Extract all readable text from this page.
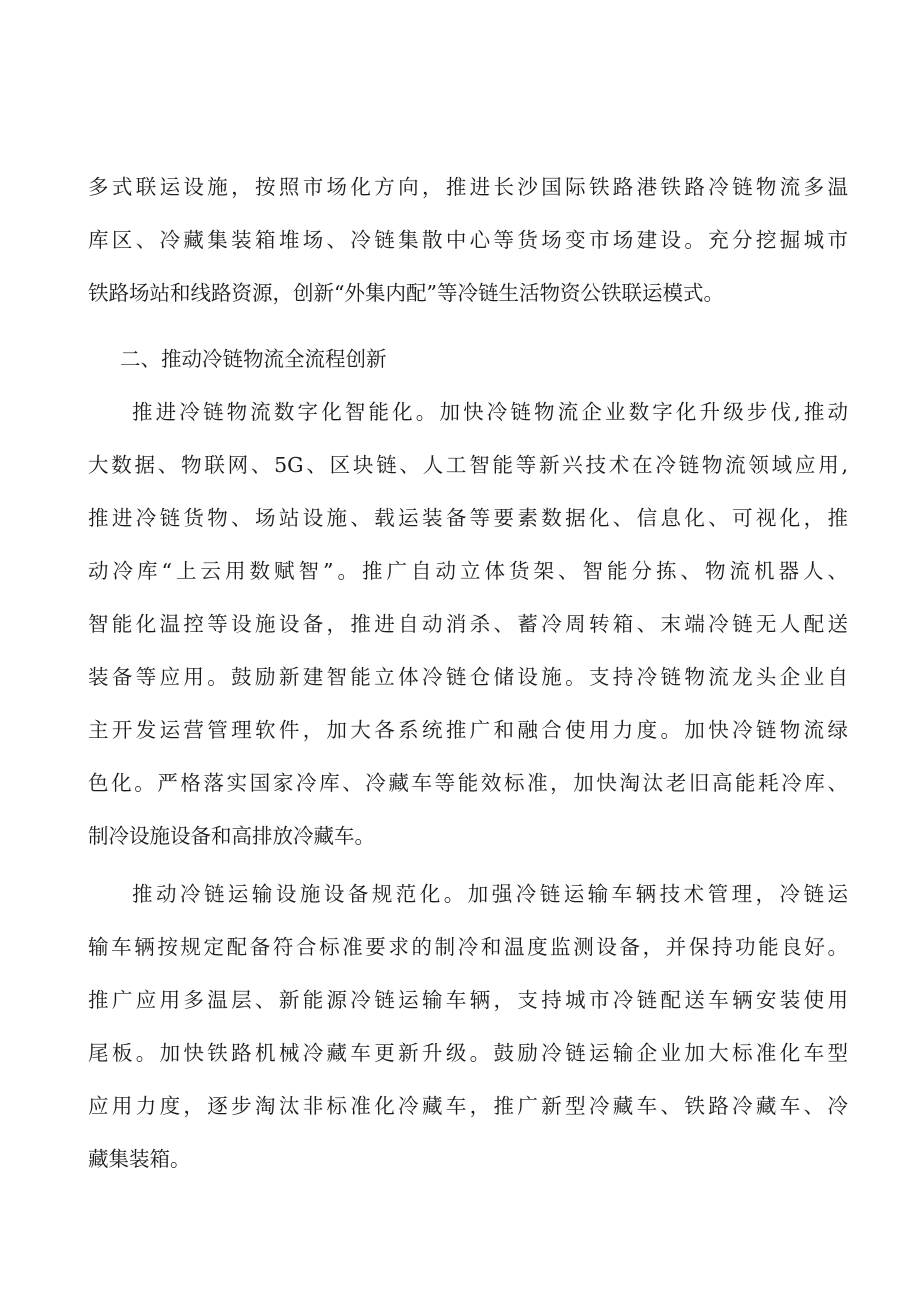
多式联运设施，按照市场化方向，推进长沙国际铁路港铁路冷链物流多温

库区、冷藏集装箱堆场、冷链集散中心等货场变市场建设。充分挖掘城市

铁路场站和线路资源，创新“外集内配”等冷链生活物资公铁联运模式。

二、推动冷链物流全流程创新

推进冷链物流数字化智能化。加快冷链物流企业数字化升级步伐,推动

大数据、物联网、5G、区块链、人工智能等新兴技术在冷链物流领域应用,

推进冷链货物、场站设施、载运装备等要素数据化、信息化、可视化，推

动冷库“上云用数赋智”。推广自动立体货架、智能分拣、物流机器人、

智能化温控等设施设备，推进自动消杀、蓄冷周转箱、末端冷链无人配送

装备等应用。鼓励新建智能立体冷链仓储设施。支持冷链物流龙头企业自

主开发运营管理软件，加大各系统推广和融合使用力度。加快冷链物流绿

色化。严格落实国家冷库、冷藏车等能效标准，加快淘汰老旧高能耗冷库、

制冷设施设备和高排放冷藏车。

推动冷链运输设施设备规范化。加强冷链运输车辆技术管理，冷链运

输车辆按规定配备符合标准要求的制冷和温度监测设备，并保持功能良好。

推广应用多温层、新能源冷链运输车辆，支持城市冷链配送车辆安装使用

尾板。加快铁路机械冷藏车更新升级。鼓励冷链运输企业加大标准化车型

应用力度，逐步淘汰非标准化冷藏车，推广新型冷藏车、铁路冷藏车、冷

藏集装箱。
